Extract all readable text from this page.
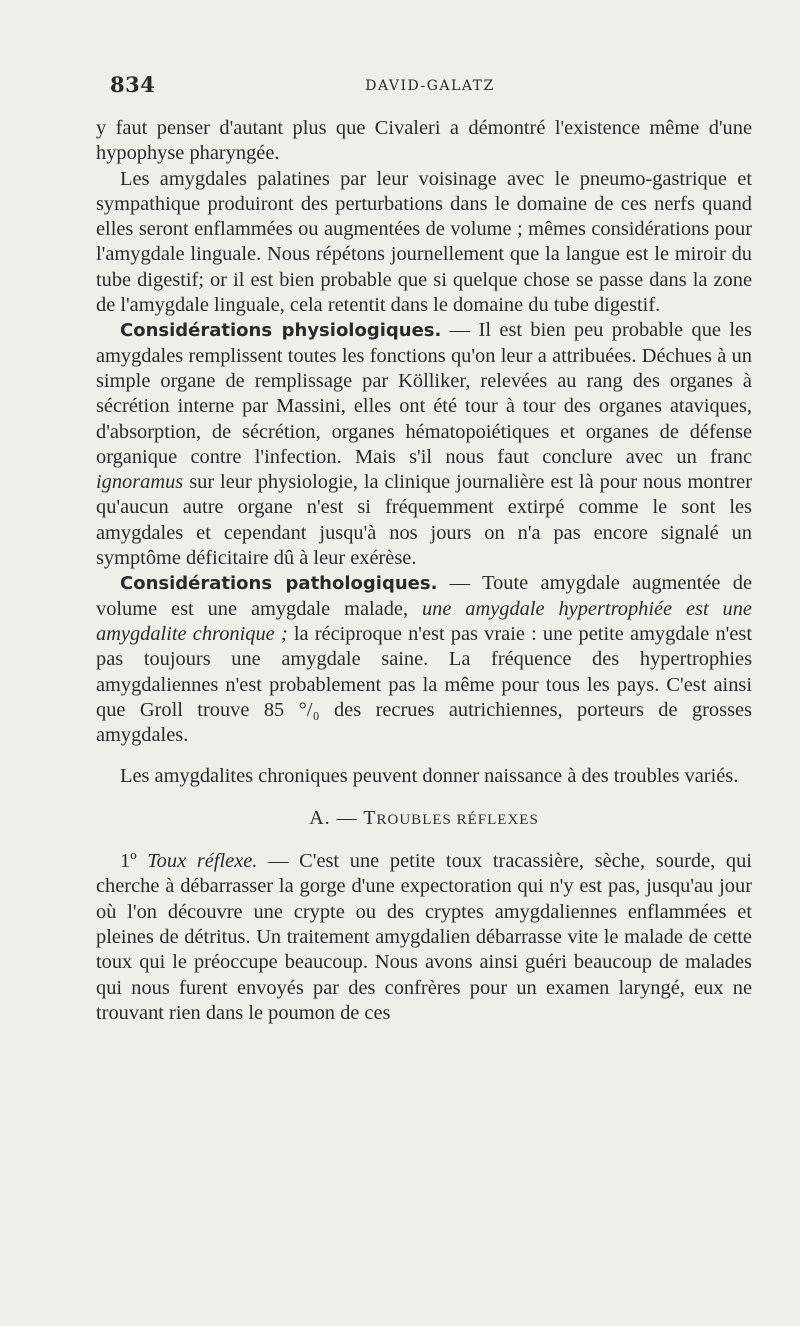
834	DAVID-GALATZ

y faut penser d'autant plus que Civaleri a démontré l'existence même d'une hypophyse pharyngée.

Les amygdales palatines par leur voisinage avec le pneumo-gastrique et sympathique produiront des perturbations dans le domaine de ces nerfs quand elles seront enflammées ou augmentées de volume ; mêmes considérations pour l'amygdale linguale. Nous répétons journellement que la langue est le miroir du tube digestif; or il est bien probable que si quelque chose se passe dans la zone de l'amygdale linguale, cela retentit dans le domaine du tube digestif.

Considérations physiologiques. — Il est bien peu probable que les amygdales remplissent toutes les fonctions qu'on leur a attribuées. Déchues à un simple organe de remplissage par Kölliker, relevées au rang des organes à sécrétion interne par Massini, elles ont été tour à tour des organes ataviques, d'absorption, de sécrétion, organes hématopoiétiques et organes de défense organique contre l'infection. Mais s'il nous faut conclure avec un franc ignoramus sur leur physiologie, la clinique journalière est là pour nous montrer qu'aucun autre organe n'est si fréquemment extirpé comme le sont les amygdales et cependant jusqu'à nos jours on n'a pas encore signalé un symptôme déficitaire dû à leur exérèse.

Considérations pathologiques. — Toute amygdale augmentée de volume est une amygdale malade, une amygdale hypertrophiée est une amygdalite chronique ; la réciproque n'est pas vraie : une petite amygdale n'est pas toujours une amygdale saine. La fréquence des hypertrophies amygdaliennes n'est probablement pas la même pour tous les pays. C'est ainsi que Groll trouve 85 °/₀ des recrues autrichiennes, porteurs de grosses amygdales.

Les amygdalites chroniques peuvent donner naissance à des troubles variés.

A. — TROUBLES RÉFLEXES

1º Toux réflexe. — C'est une petite toux tracassière, sèche, sourde, qui cherche à débarrasser la gorge d'une expectoration qui n'y est pas, jusqu'au jour où l'on découvre une crypte ou des cryptes amygdaliennes enflammées et pleines de détritus. Un traitement amygdalien débarrasse vite le malade de cette toux qui le préoccupe beaucoup. Nous avons ainsi guéri beaucoup de malades qui nous furent envoyés par des confrères pour un examen laryngé, eux ne trouvant rien dans le poumon de ces
